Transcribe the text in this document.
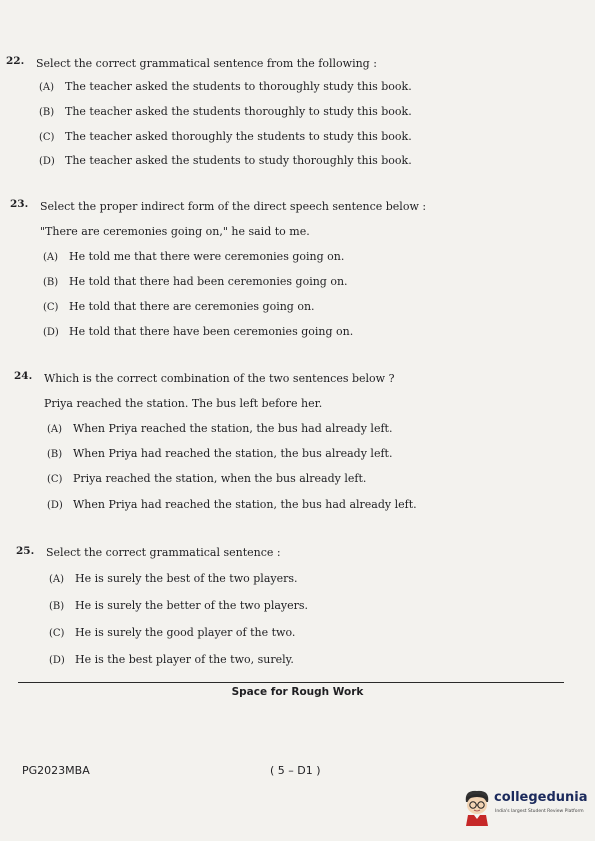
22. Select the correct grammatical sentence from the following :
(A) The teacher asked the students to thoroughly study this book.
(B) The teacher asked the students thoroughly to study this book.
(C) The teacher asked thoroughly the students to study this book.
(D) The teacher asked the students to study thoroughly this book.
23. Select the proper indirect form of the direct speech sentence below :
"There are ceremonies going on," he said to me.
(A) He told me that there were ceremonies going on.
(B) He told that there had been ceremonies going on.
(C) He told that there are ceremonies going on.
(D) He told that there have been ceremonies going on.
24. Which is the correct combination of the two sentences below ?
Priya reached the station. The bus left before her.
(A) When Priya reached the station, the bus had already left.
(B) When Priya had reached the station, the bus already left.
(C) Priya reached the station, when the bus already left.
(D) When Priya had reached the station, the bus had already left.
25. Select the correct grammatical sentence :
(A) He is surely the best of the two players.
(B) He is surely the better of the two players.
(C) He is surely the good player of the two.
(D) He is the best player of the two, surely.
Space for Rough Work
PG2023MBA	( 5 – D1 )
collegedunia
India's largest Student Review Platform
